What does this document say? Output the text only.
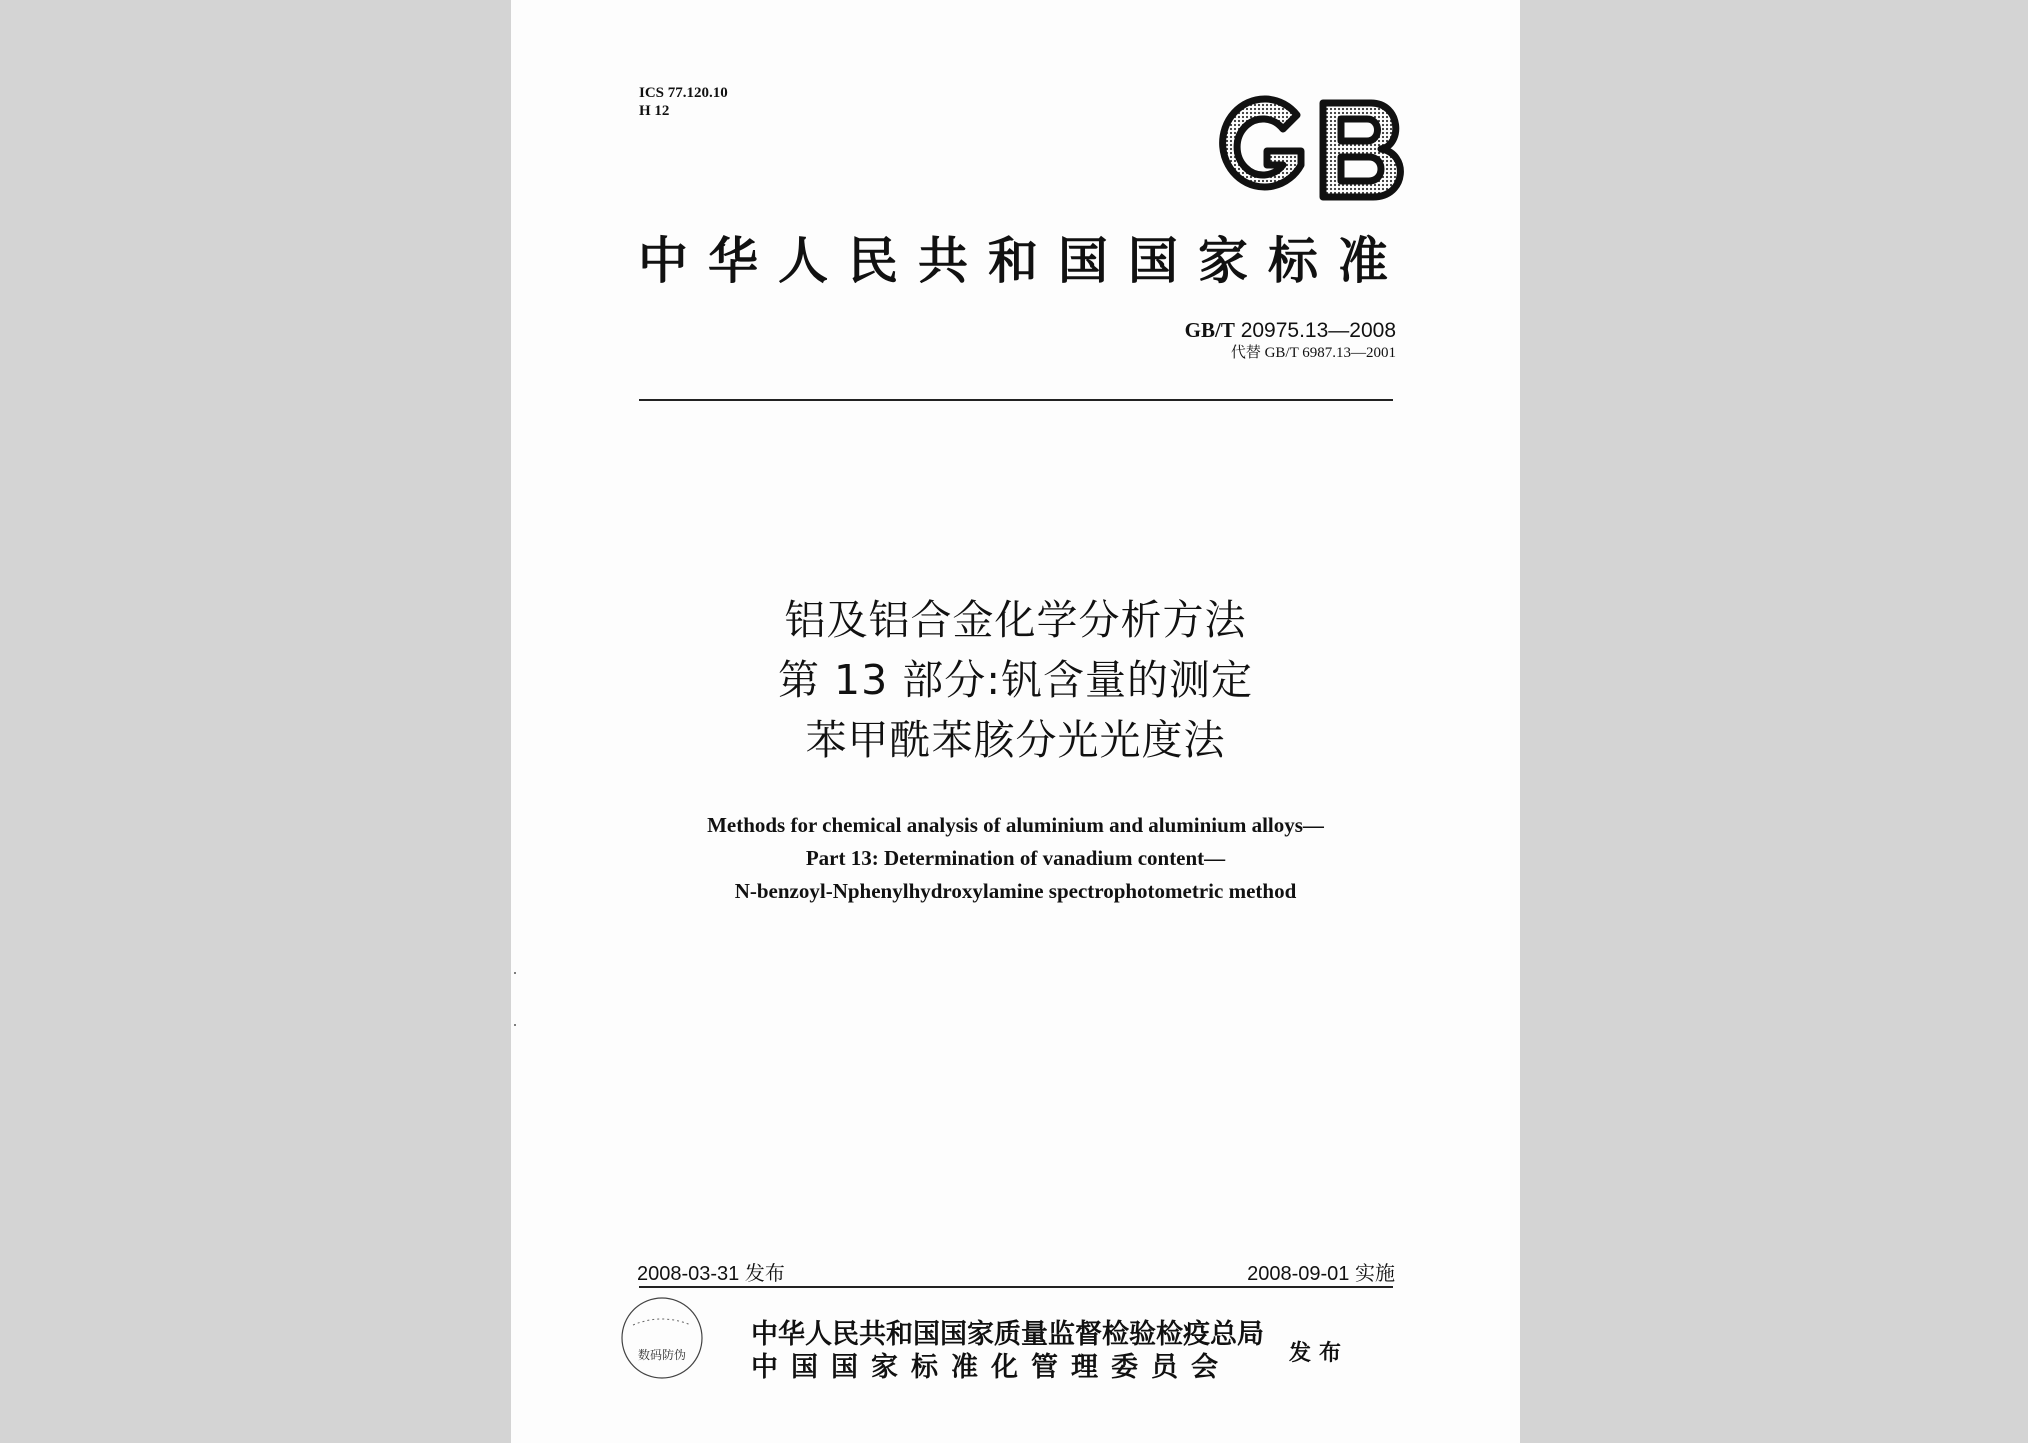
ICS 77.120.10
H 12
中华人民共和国国家标准
GB/T 20975.13—2008
代替 GB/T 6987.13—2001
铝及铝合金化学分析方法
第 13 部分:钒含量的测定
苯甲酰苯胲分光光度法
Methods for chemical analysis of aluminium and aluminium alloys—
Part 13: Determination of vanadium content—
N-benzoyl-Nphenylhydroxylamine spectrophotometric method
2008-03-31 发布	2008-09-01 实施
数码防伪
中华人民共和国国家质量监督检验检疫总局
中国国家标准化管理委员会	发布
